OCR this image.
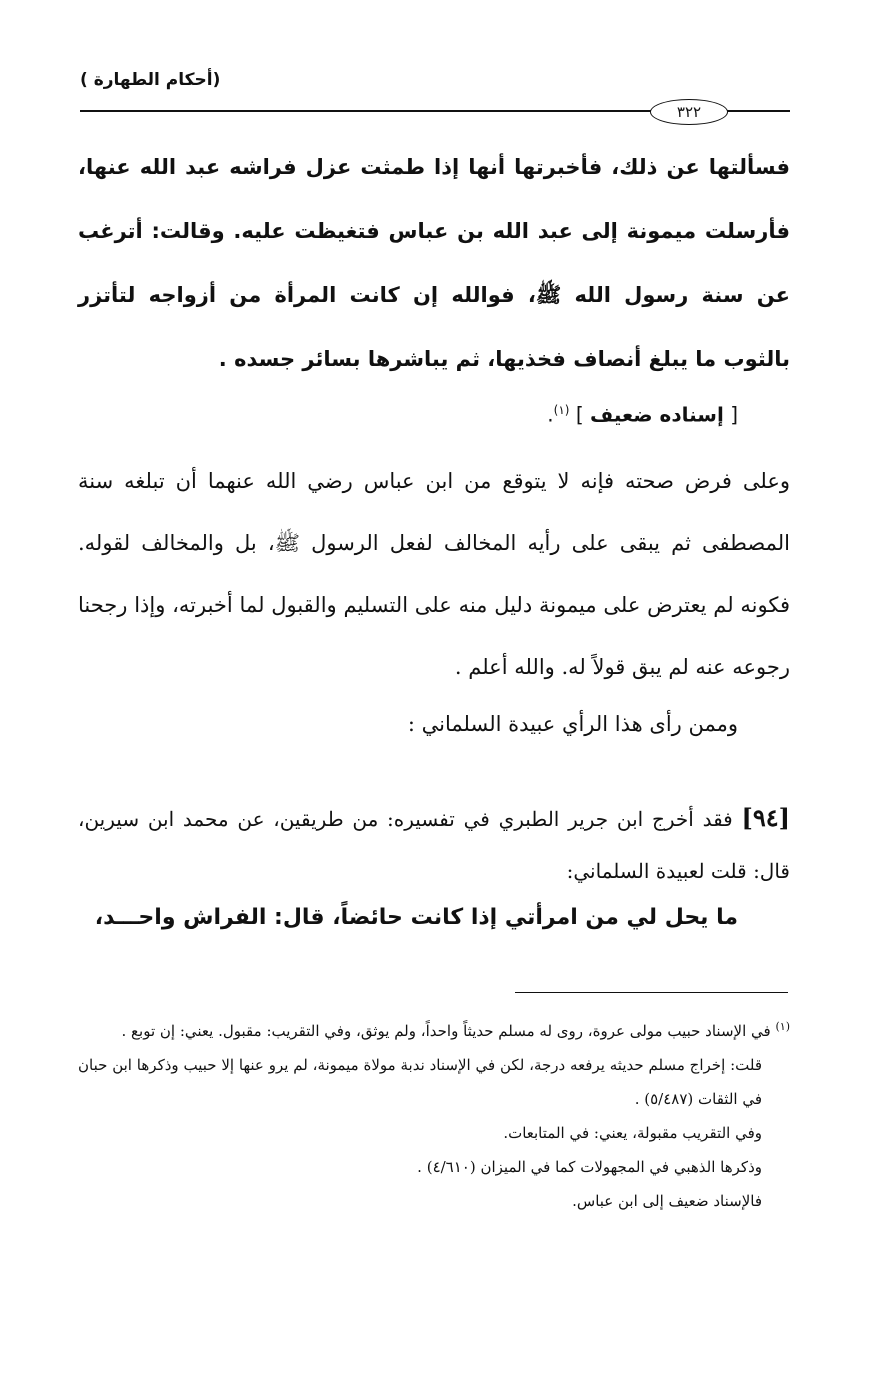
(أحكام الطهارة )
٣٢٢

فسألتها عن ذلك، فأخبرتها أنها إذا طمثت عزل فراشه عبد الله عنها، فأرسلت ميمونة إلى عبد الله بن عباس فتغيظت عليه. وقالت: أترغب عن سنة رسول الله ﷺ، فوالله إن كانت المرأة من أزواجه لتأتزر بالثوب ما يبلغ أنصاف فخذيها، ثم يباشرها بسائر جسده .

[ إسناده ضعيف ] $^{(١)}$.

وعلى فرض صحته فإنه لا يتوقع من ابن عباس رضي الله عنهما أن تبلغه سنة المصطفى ثم يبقى على رأيه المخالف لفعل الرسول ﷺ، بل والمخالف لقوله. فكونه لم يعترض على ميمونة دليل منه على التسليم والقبول لما أخبرته، وإذا رجحنا رجوعه عنه لم يبق قولاً له. والله أعلم .

وممن رأى هذا الرأي عبيدة السلماني :

[٩٤] فقد أخرج ابن جرير الطبري في تفسيره: من طريقين، عن محمد ابن سيرين، قال: قلت لعبيدة السلماني:

ما يحل لي من امرأتي إذا كانت حائضاً، قال: الفراش واحـــد،

$^{(١)}$ في الإسناد حبيب مولى عروة، روى له مسلم حديثاً واحداً، ولم يوثق، وفي التقريب: مقبول. يعني: إن توبع .

قلت: إخراج مسلم حديثه يرفعه درجة، لكن في الإسناد ندبة مولاة ميمونة، لم يرو عنها إلا حبيب وذكرها ابن حبان في الثقات (٥/٤٨٧) .

وفي التقريب مقبولة، يعني: في المتابعات.

وذكرها الذهبي في المجهولات كما في الميزان (٤/٦١٠) .

فالإسناد ضعيف إلى ابن عباس.
